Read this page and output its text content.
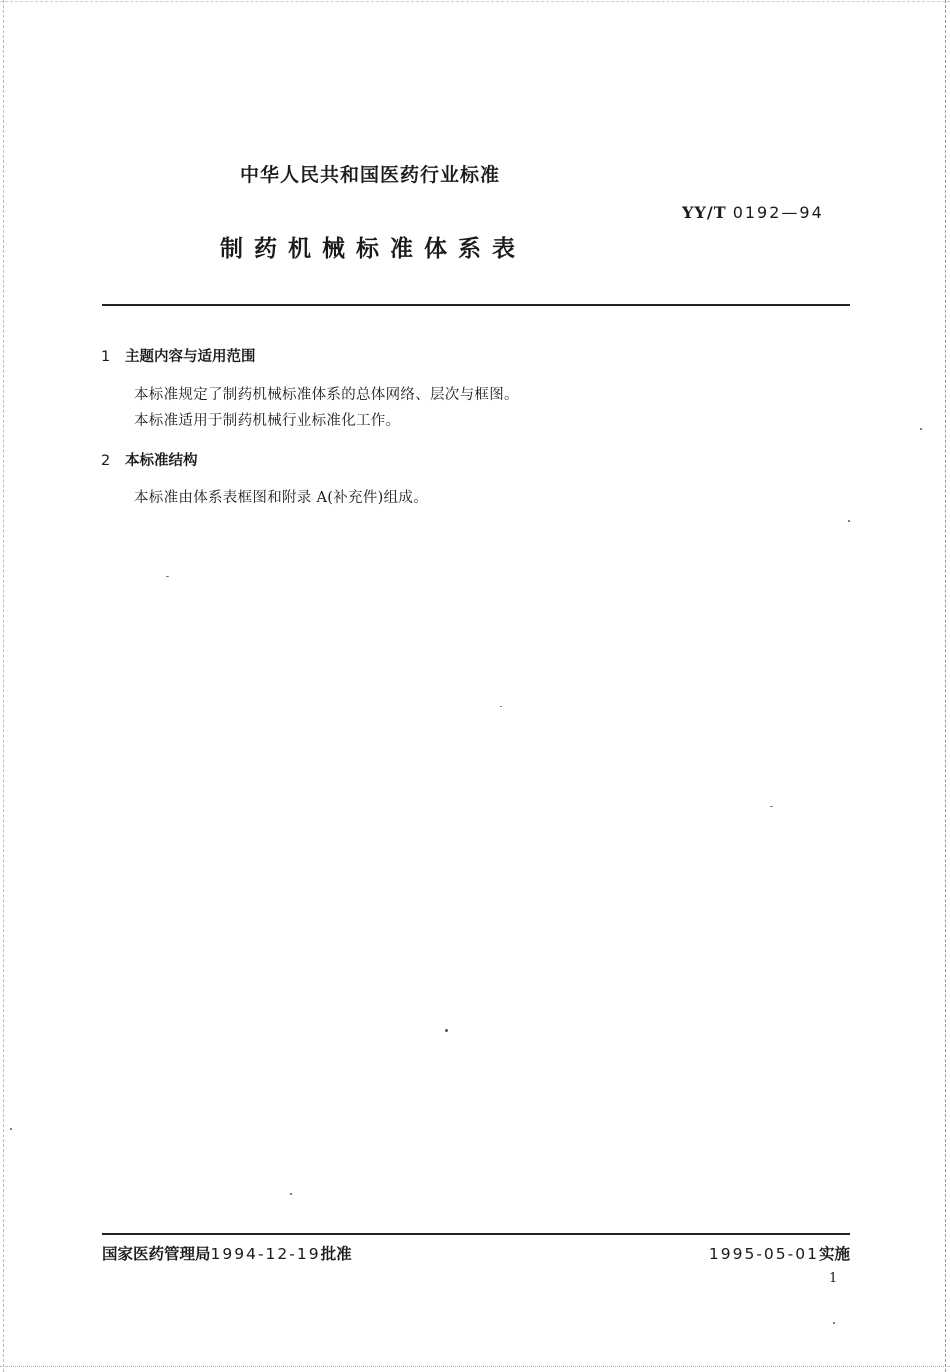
中华人民共和国医药行业标准
YY/T 0192—94
制药机械标准体系表
1 主题内容与适用范围
本标准规定了制药机械标准体系的总体网络、层次与框图。
本标准适用于制药机械行业标准化工作。
2 本标准结构
本标准由体系表框图和附录 A(补充件)组成。
国家医药管理局1994-12-19批准	1995-05-01实施
1
